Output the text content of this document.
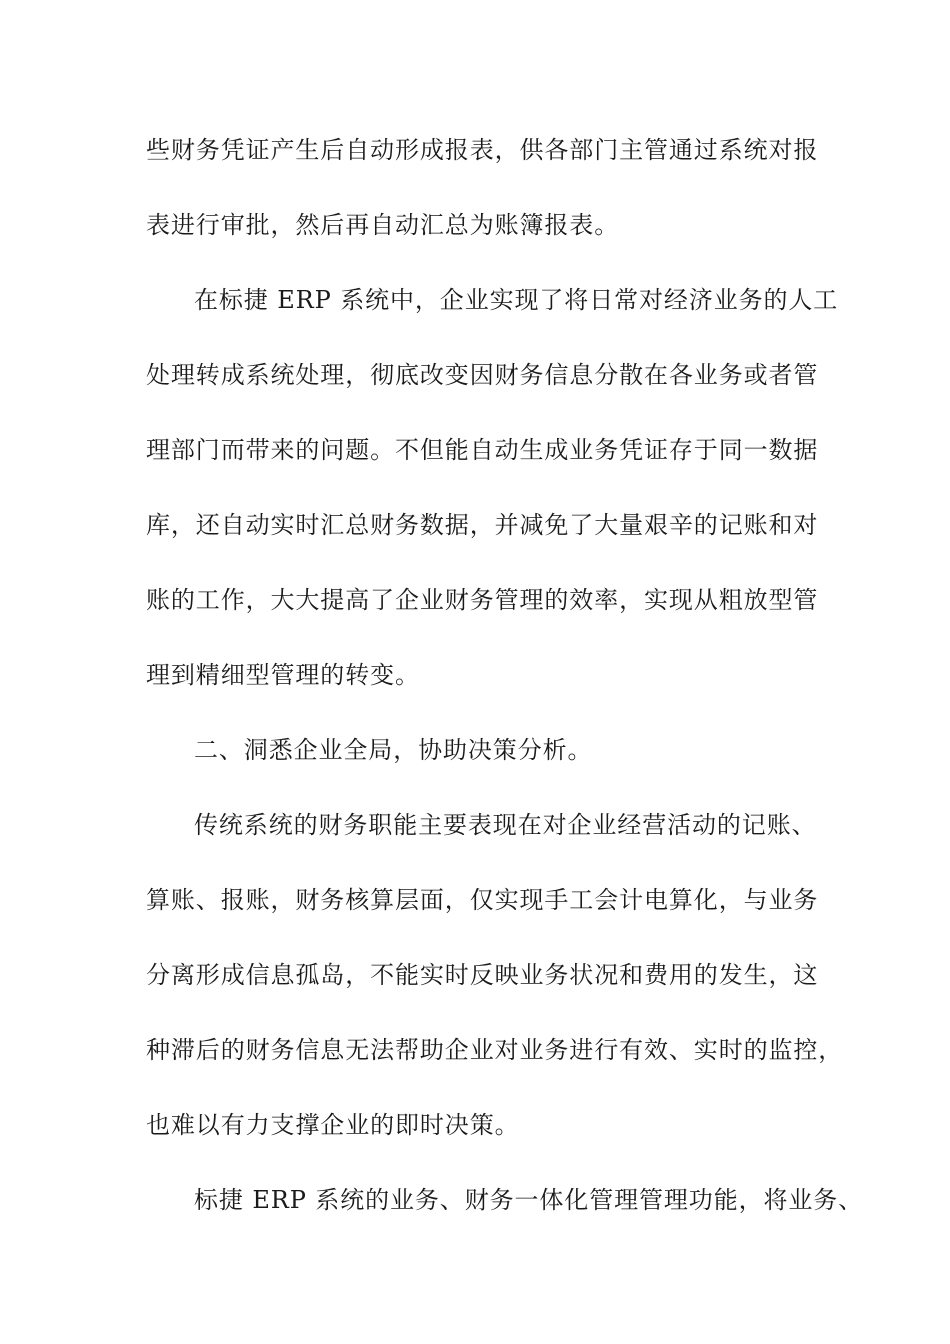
些财务凭证产生后自动形成报表，供各部门主管通过系统对报
表进行审批，然后再自动汇总为账簿报表。
在标捷 ERP 系统中，企业实现了将日常对经济业务的人工
处理转成系统处理，彻底改变因财务信息分散在各业务或者管
理部门而带来的问题。不但能自动生成业务凭证存于同一数据
库，还自动实时汇总财务数据，并减免了大量艰辛的记账和对
账的工作，大大提高了企业财务管理的效率，实现从粗放型管
理到精细型管理的转变。
二、洞悉企业全局，协助决策分析。
传统系统的财务职能主要表现在对企业经营活动的记账、
算账、报账，财务核算层面，仅实现手工会计电算化，与业务
分离形成信息孤岛，不能实时反映业务状况和费用的发生，这
种滞后的财务信息无法帮助企业对业务进行有效、实时的监控，
也难以有力支撑企业的即时决策。
标捷 ERP 系统的业务、财务一体化管理管理功能，将业务、
